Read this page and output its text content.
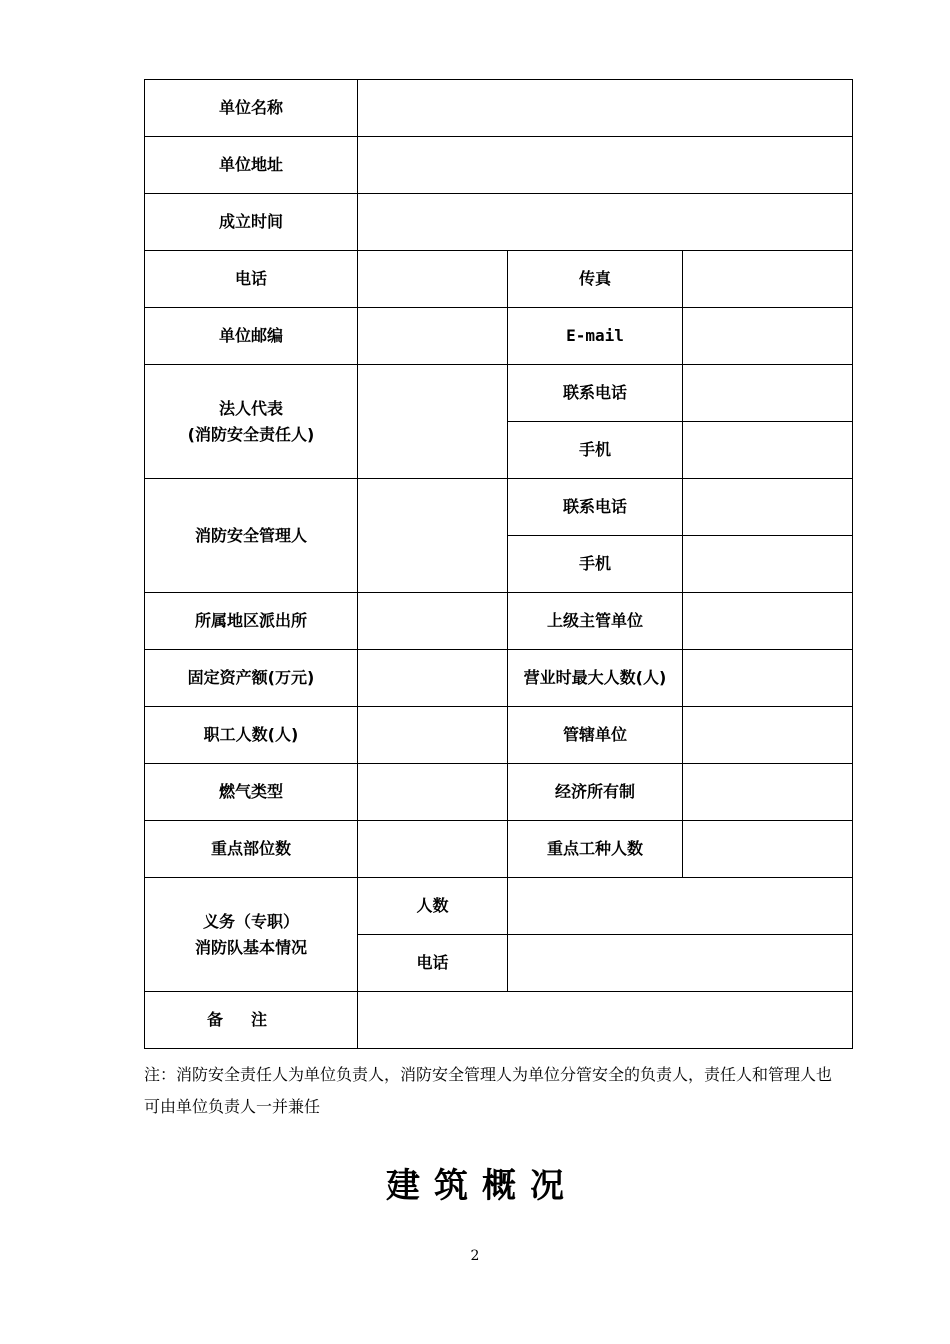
单位名称			
单位地址			
成立时间			
电话		传真	
单位邮编		E-mail	

法人代表
(消防安全责任人)		联系电话	
		手机	
消防安全管理人		联系电话	
		手机	
所属地区派出所		上级主管单位	
固定资产额(万元)		营业时最大人数(人)	
职工人数(人)		管辖单位	
燃气类型		经济所有制	
重点部位数		重点工种人数	

义务（专职）
消防队基本情况	人数		
	电话		
备注			
注：消防安全责任人为单位负责人，消防安全管理人为单位分管安全的负责人，责任人和管理人也可由单位负责人一并兼任
建筑概况
2
